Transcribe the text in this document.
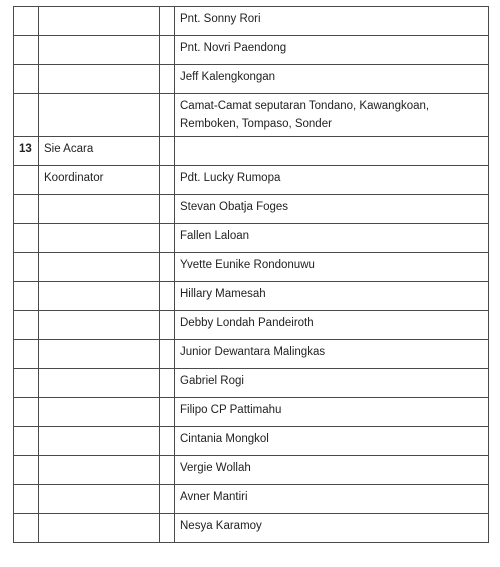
			Pnt. Sonny Rori
			Pnt. Novri Paendong
			Jeff Kalengkongan
			Camat-Camat seputaran Tondano, Kawangkoan, Remboken, Tompaso, Sonder
13	Sie Acara		
	Koordinator		Pdt. Lucky Rumopa
			Stevan Obatja Foges
			Fallen Laloan
			Yvette Eunike Rondonuwu
			Hillary Mamesah
			Debby Londah Pandeiroth
			Junior Dewantara Malingkas
			Gabriel Rogi
			Filipo CP Pattimahu
			Cintania Mongkol
			Vergie Wollah
			Avner Mantiri
			Nesya Karamoy
